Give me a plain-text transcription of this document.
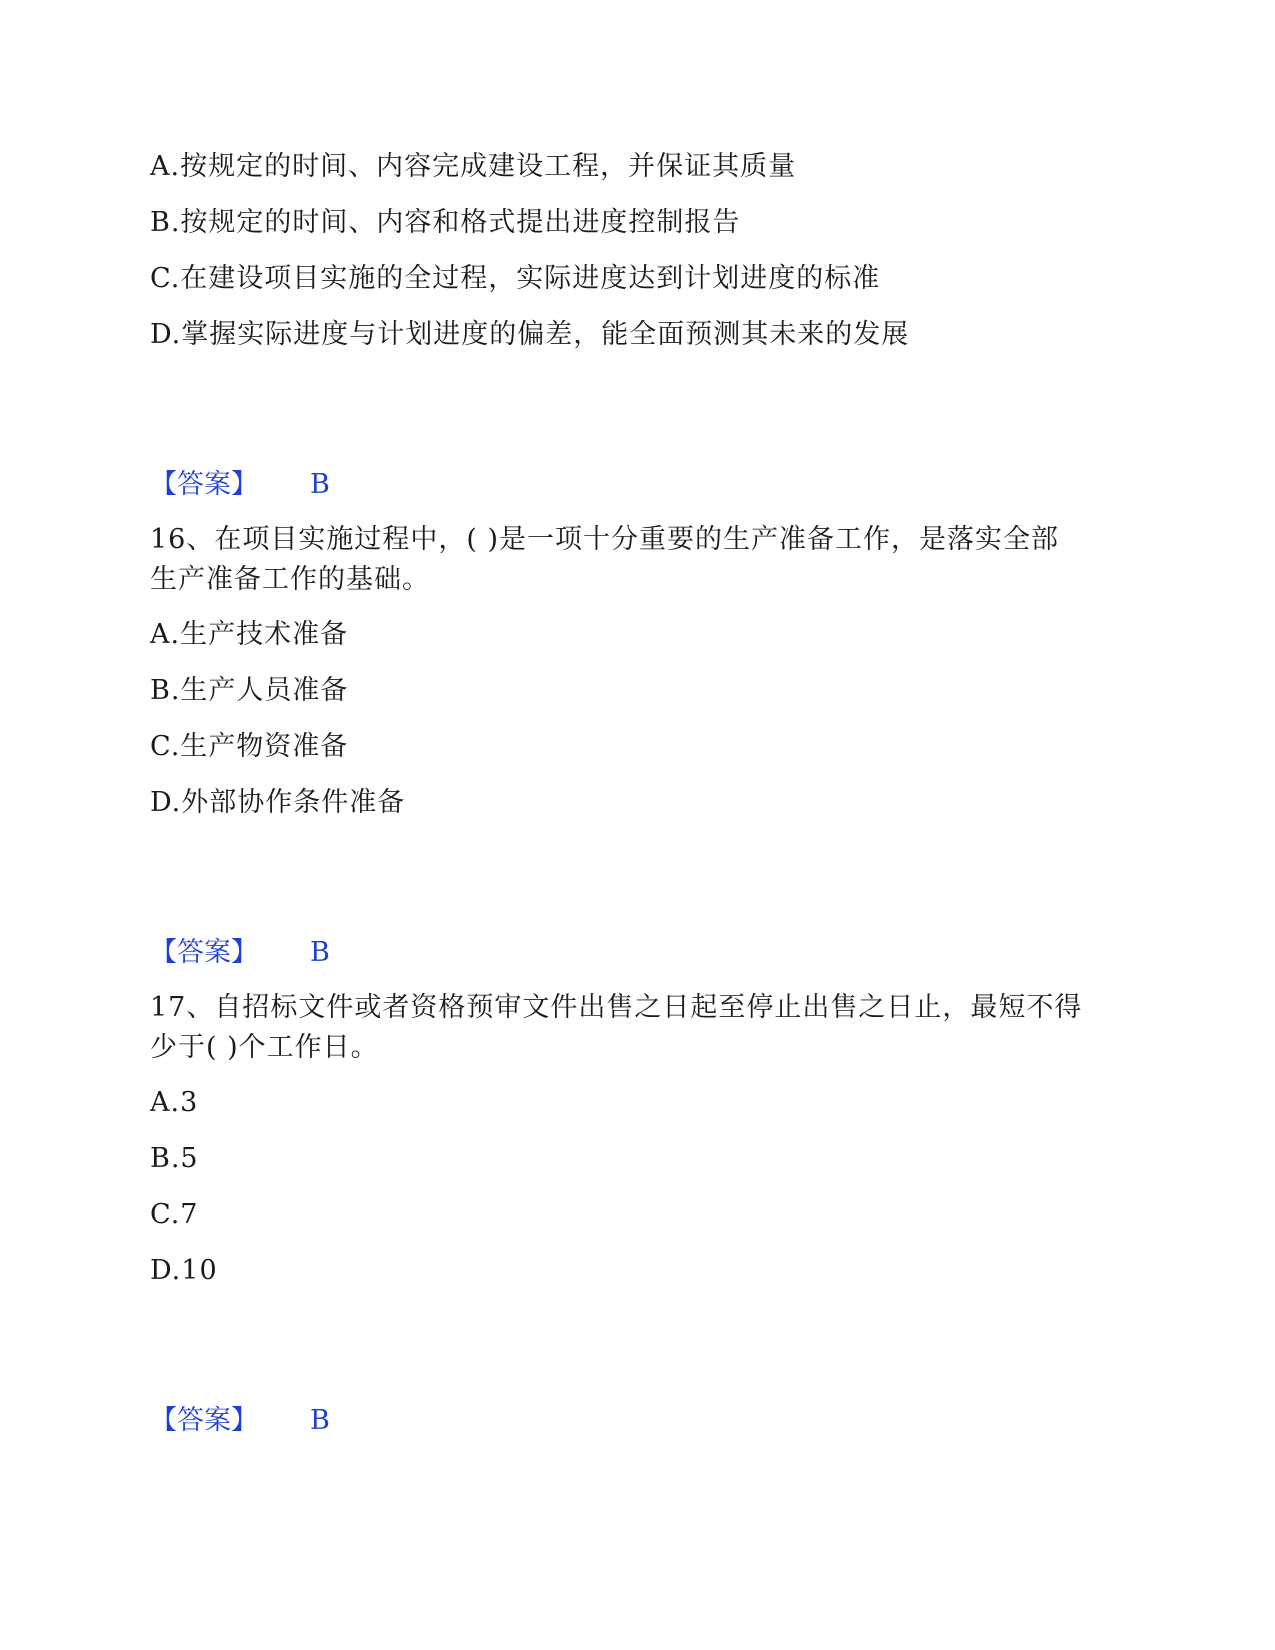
A.按规定的时间、内容完成建设工程，并保证其质量
B.按规定的时间、内容和格式提出进度控制报告
C.在建设项目实施的全过程，实际进度达到计划进度的标准
D.掌握实际进度与计划进度的偏差，能全面预测其未来的发展
【答案】 B
16、在项目实施过程中，( )是一项十分重要的生产准备工作，是落实全部
生产准备工作的基础。
A.生产技术准备
B.生产人员准备
C.生产物资准备
D.外部协作条件准备
【答案】 B
17、自招标文件或者资格预审文件出售之日起至停止出售之日止，最短不得
少于( )个工作日。
A.3
B.5
C.7
D.10
【答案】 B
